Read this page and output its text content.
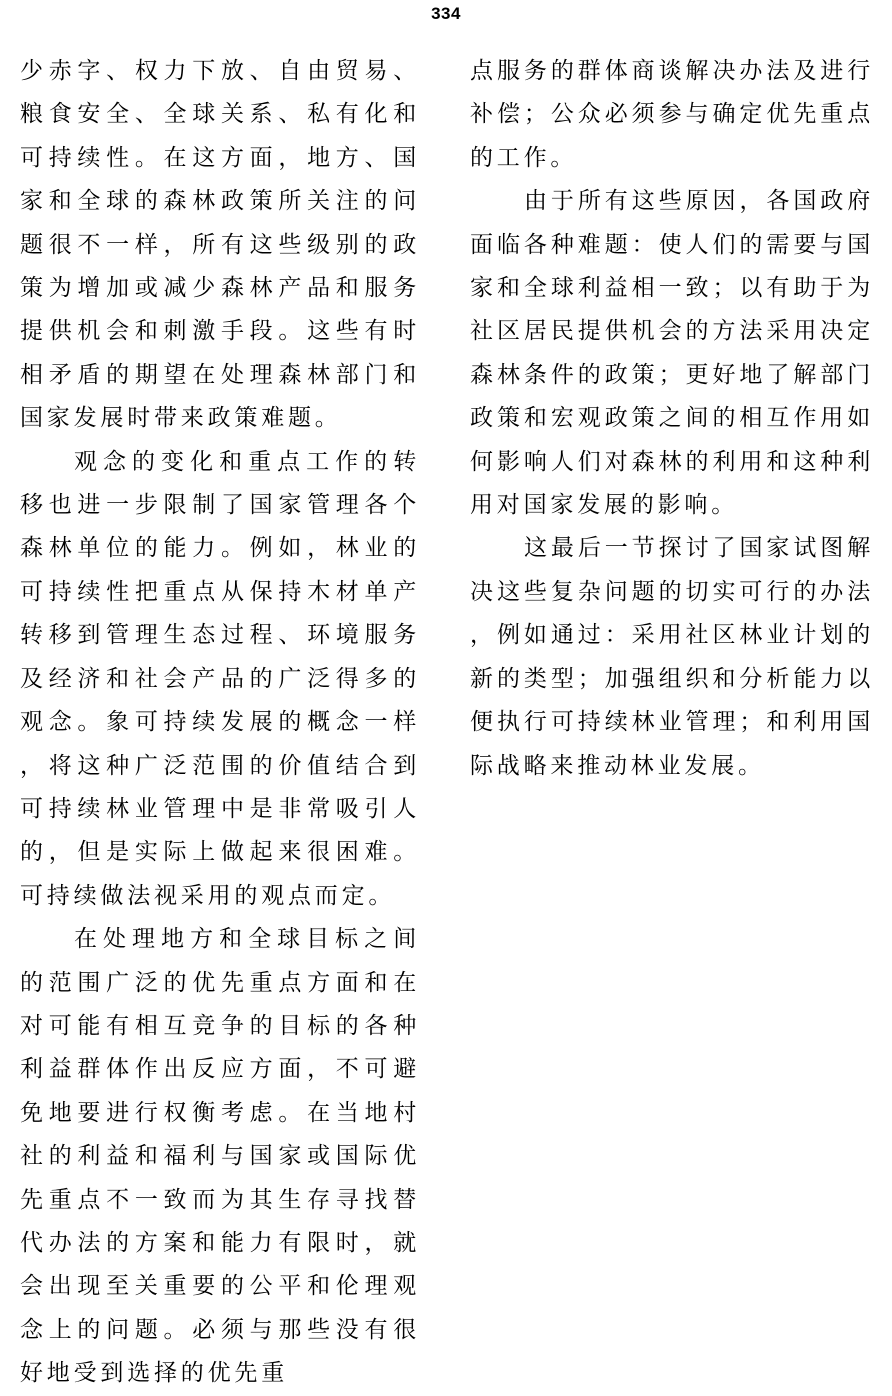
334

少赤字、权力下放、自由贸易、粮食安全、全球关系、私有化和可持续性。在这方面，地方、国家和全球的森林政策所关注的问题很不一样，所有这些级别的政策为增加或减少森林产品和服务提供机会和刺激手段。这些有时相矛盾的期望在处理森林部门和国家发展时带来政策难题。

观念的变化和重点工作的转移也进一步限制了国家管理各个森林单位的能力。例如，林业的可持续性把重点从保持木材单产转移到管理生态过程、环境服务及经济和社会产品的广泛得多的观念。象可持续发展的概念一样，将这种广泛范围的价值结合到可持续林业管理中是非常吸引人的，但是实际上做起来很困难。可持续做法视采用的观点而定。

在处理地方和全球目标之间的范围广泛的优先重点方面和在对可能有相互竞争的目标的各种利益群体作出反应方面，不可避免地要进行权衡考虑。在当地村社的利益和福利与国家或国际优先重点不一致而为其生存寻找替代办法的方案和能力有限时，就会出现至关重要的公平和伦理观念上的问题。必须与那些没有很好地受到选择的优先重

点服务的群体商谈解决办法及进行补偿；公众必须参与确定优先重点的工作。

由于所有这些原因，各国政府面临各种难题：使人们的需要与国家和全球利益相一致；以有助于为社区居民提供机会的方法采用决定森林条件的政策；更好地了解部门政策和宏观政策之间的相互作用如何影响人们对森林的利用和这种利用对国家发展的影响。

这最后一节探讨了国家试图解决这些复杂问题的切实可行的办法，例如通过：采用社区林业计划的新的类型；加强组织和分析能力以便执行可持续林业管理；和利用国际战略来推动林业发展。
